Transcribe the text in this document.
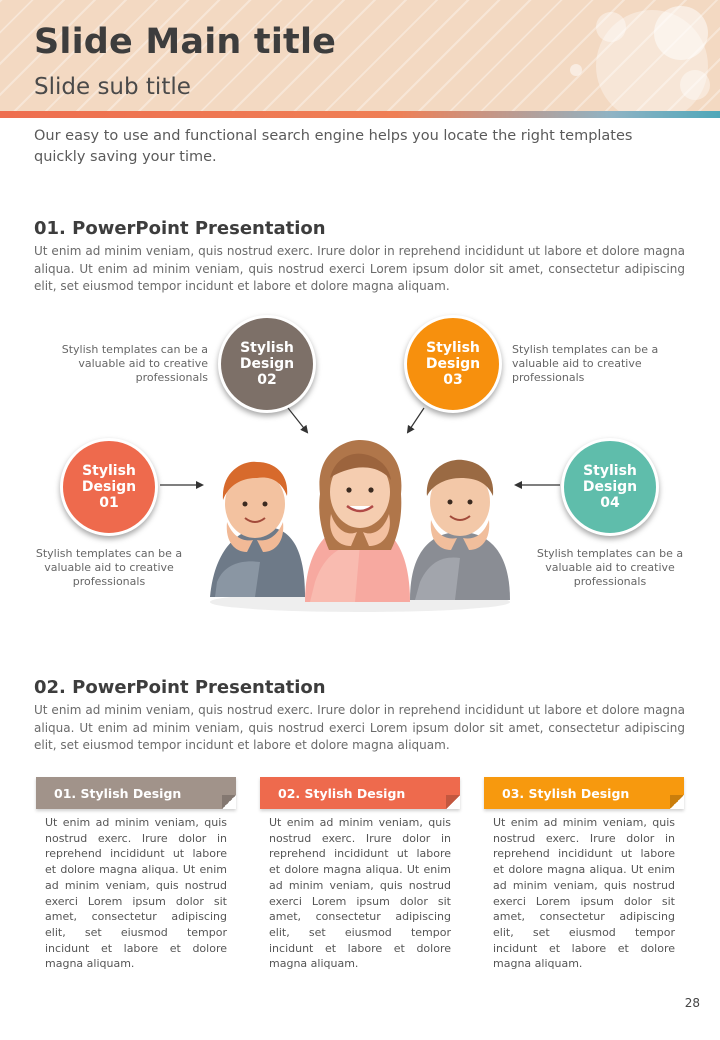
Slide Main title
Slide sub title
Our easy to use and functional search engine helps you locate the right templates quickly saving your time.
01. PowerPoint Presentation
Ut enim ad minim veniam, quis nostrud exerc. Irure dolor in reprehend incididunt ut labore et dolore magna aliqua. Ut enim ad minim veniam, quis nostrud exerci Lorem ipsum dolor sit amet, consectetur adipiscing elit, set eiusmod tempor incidunt et labore et dolore magna aliquam.
Stylish templates can be a valuable aid to creative professionals
Stylish templates can be a valuable aid to creative professionals
Stylish templates can be a valuable aid to creative professionals
Stylish templates can be a valuable aid to creative professionals
Stylish
Design
01
Stylish
Design
02
Stylish
Design
03
Stylish
Design
04
02. PowerPoint Presentation
Ut enim ad minim veniam, quis nostrud exerc. Irure dolor in reprehend incididunt ut labore et dolore magna aliqua. Ut enim ad minim veniam, quis nostrud exerci Lorem ipsum dolor sit amet, consectetur adipiscing elit, set eiusmod tempor incidunt et labore et dolore magna aliquam.
01. Stylish Design	02. Stylish Design	03. Stylish Design
Ut enim ad minim veniam, quis nostrud exerc. Irure dolor in reprehend incididunt ut labore et dolore magna aliqua. Ut enim ad minim veniam, quis nostrud exerci Lorem ipsum dolor sit amet, consectetur adipiscing elit, set eiusmod tempor incidunt et labore et dolore magna aliquam.
Ut enim ad minim veniam, quis nostrud exerc. Irure dolor in reprehend incididunt ut labore et dolore magna aliqua. Ut enim ad minim veniam, quis nostrud exerci Lorem ipsum dolor sit amet, consectetur adipiscing elit, set eiusmod tempor incidunt et labore et dolore magna aliquam.
Ut enim ad minim veniam, quis nostrud exerc. Irure dolor in reprehend incididunt ut labore et dolore magna aliqua. Ut enim ad minim veniam, quis nostrud exerci Lorem ipsum dolor sit amet, consectetur adipiscing elit, set eiusmod tempor incidunt et labore et dolore magna aliquam.
28
